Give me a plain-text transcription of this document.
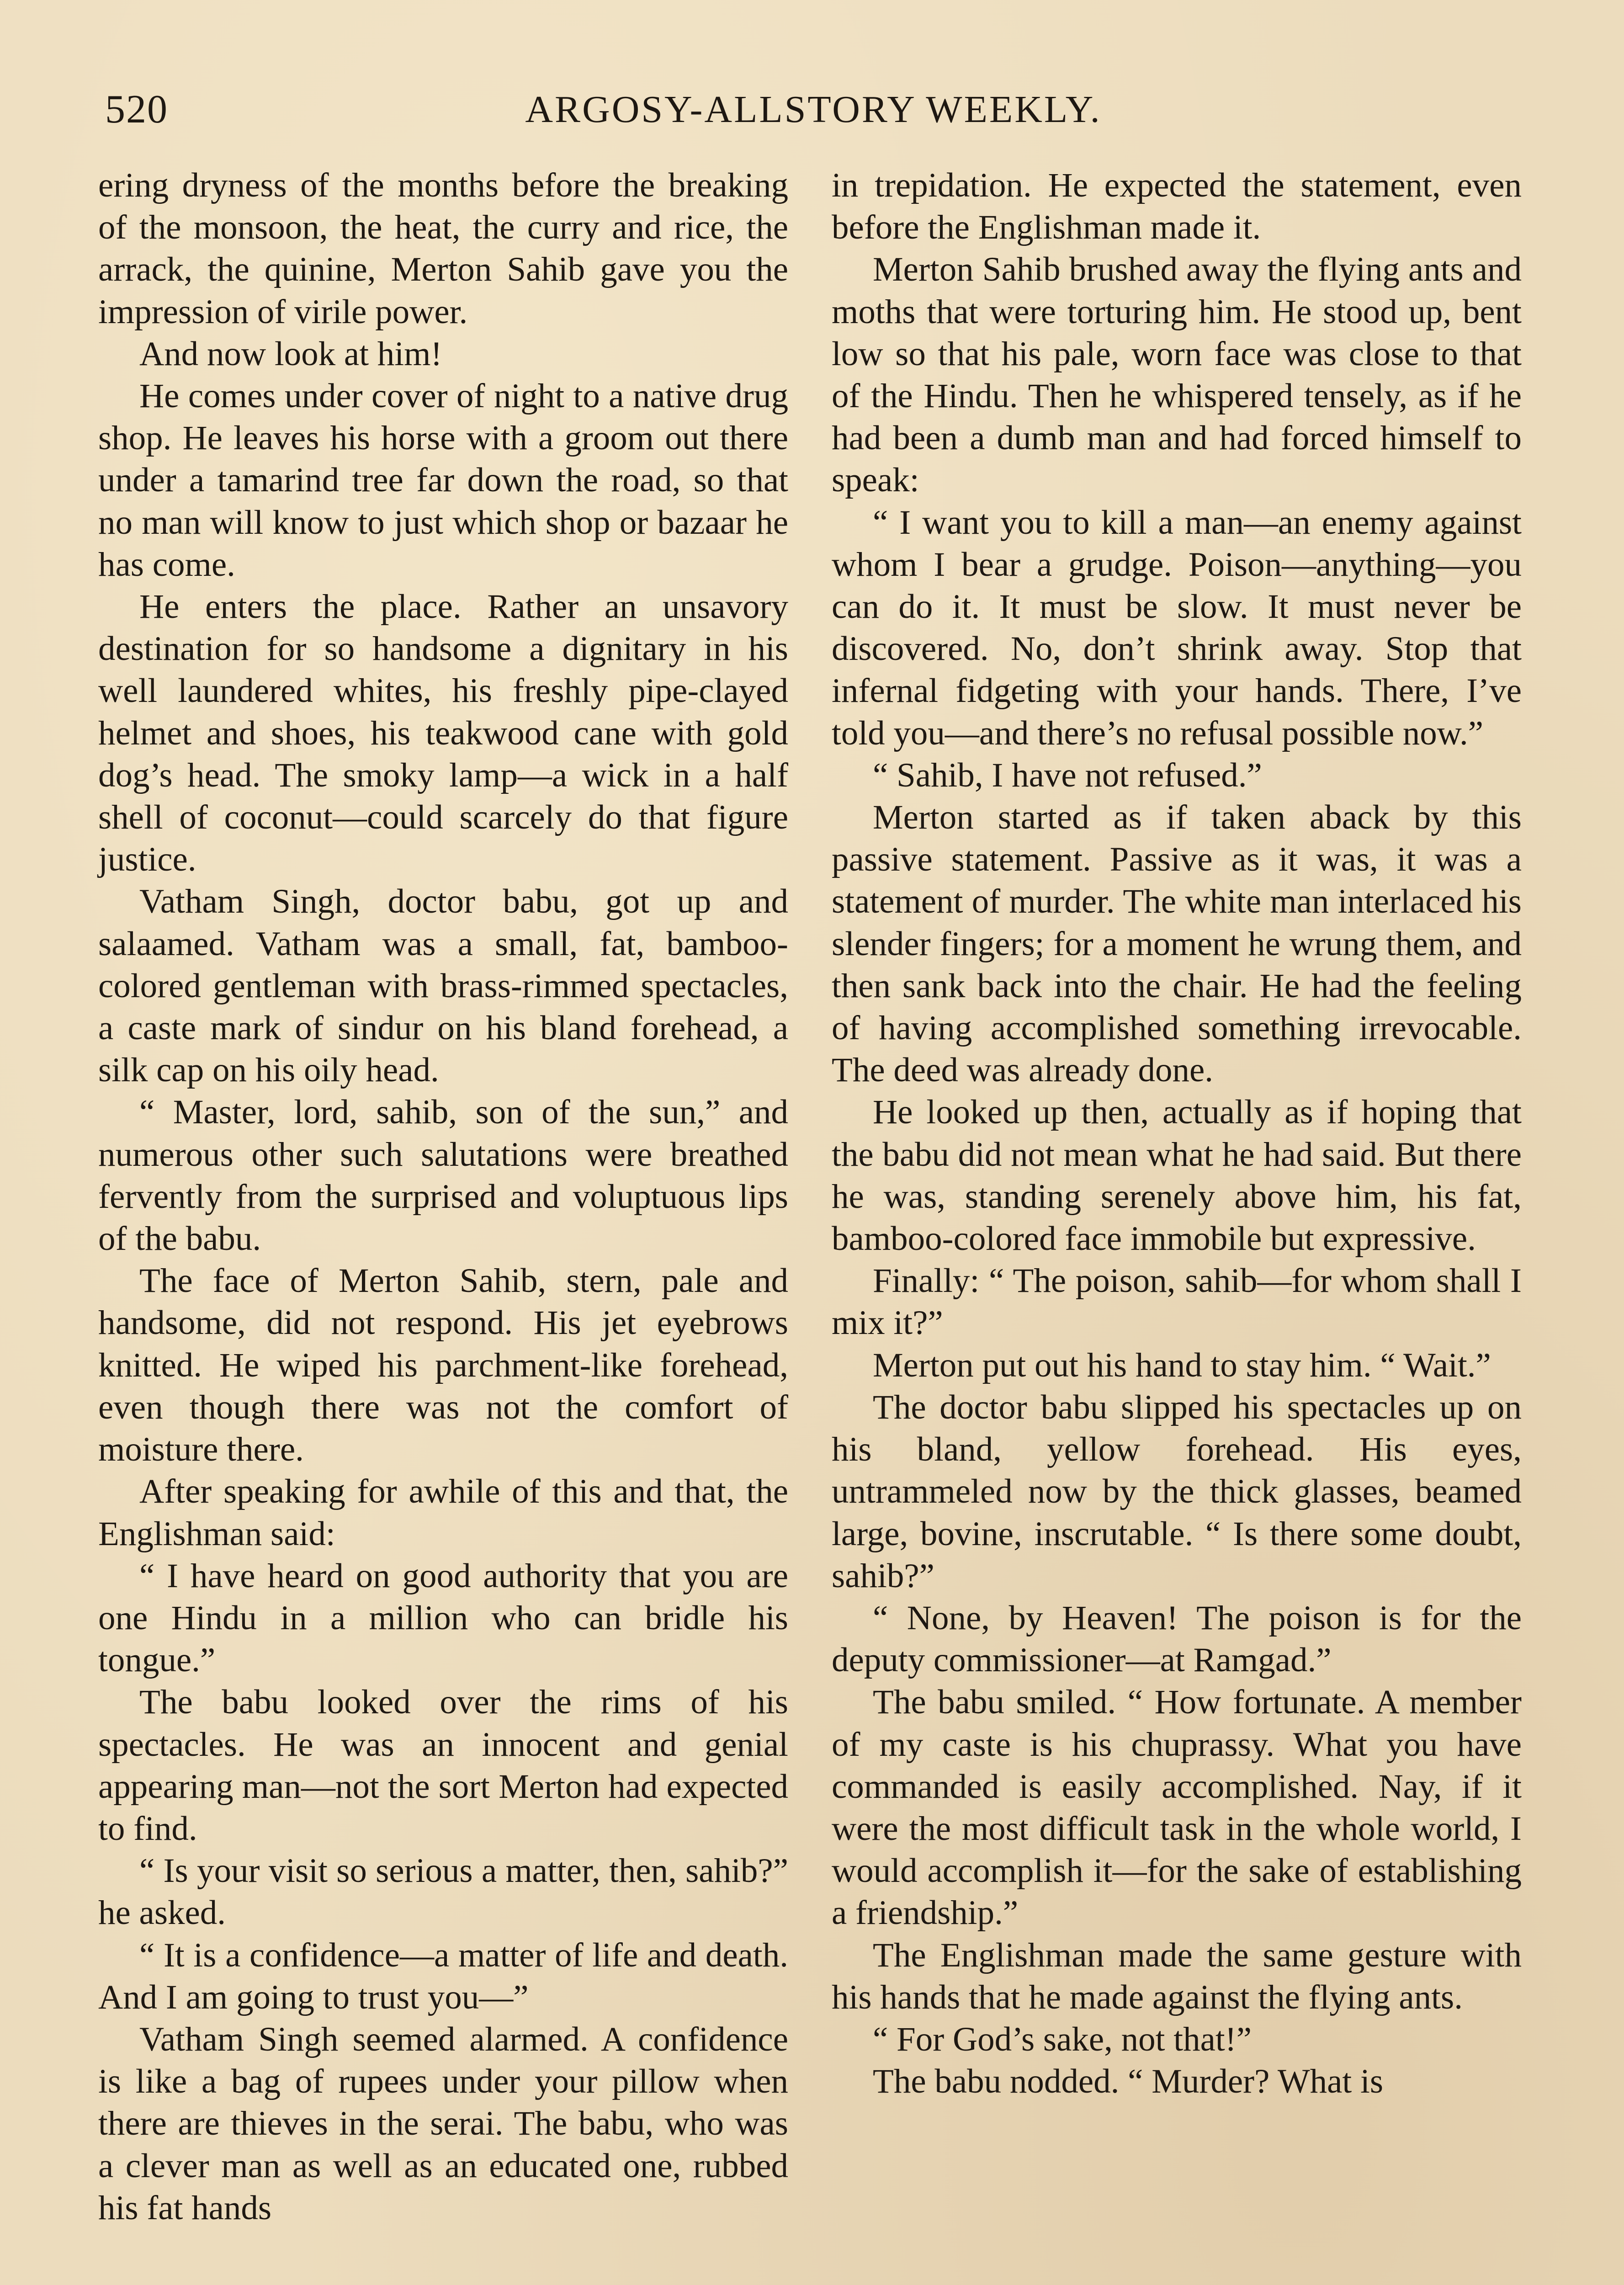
520	ARGOSY-ALLSTORY WEEKLY.

ering dryness of the months before the breaking of the monsoon, the heat, the curry and rice, the arrack, the quinine, Merton Sahib gave you the impression of virile power.

And now look at him!

He comes under cover of night to a native drug shop. He leaves his horse with a groom out there under a tamarind tree far down the road, so that no man will know to just which shop or bazaar he has come.

He enters the place. Rather an unsavory destination for so handsome a dignitary in his well laundered whites, his freshly pipe-clayed helmet and shoes, his teakwood cane with gold dog’s head. The smoky lamp—a wick in a half shell of coconut—could scarcely do that figure justice.

Vatham Singh, doctor babu, got up and salaamed. Vatham was a small, fat, bamboo-colored gentleman with brass-rimmed spectacles, a caste mark of sindur on his bland forehead, a silk cap on his oily head.

“ Master, lord, sahib, son of the sun,” and numerous other such salutations were breathed fervently from the surprised and voluptuous lips of the babu.

The face of Merton Sahib, stern, pale and handsome, did not respond. His jet eyebrows knitted. He wiped his parchment-like forehead, even though there was not the comfort of moisture there.

After speaking for awhile of this and that, the Englishman said:

“ I have heard on good authority that you are one Hindu in a million who can bridle his tongue.”

The babu looked over the rims of his spectacles. He was an innocent and genial appearing man—not the sort Merton had expected to find.

“ Is your visit so serious a matter, then, sahib?” he asked.

“ It is a confidence—a matter of life and death. And I am going to trust you—”

Vatham Singh seemed alarmed. A confidence is like a bag of rupees under your pillow when there are thieves in the serai. The babu, who was a clever man as well as an educated one, rubbed his fat hands

in trepidation. He expected the statement, even before the Englishman made it.

Merton Sahib brushed away the flying ants and moths that were torturing him. He stood up, bent low so that his pale, worn face was close to that of the Hindu. Then he whispered tensely, as if he had been a dumb man and had forced himself to speak:

“ I want you to kill a man—an enemy against whom I bear a grudge. Poison—anything—you can do it. It must be slow. It must never be discovered. No, don’t shrink away. Stop that infernal fidgeting with your hands. There, I’ve told you—and there’s no refusal possible now.”

“ Sahib, I have not refused.”

Merton started as if taken aback by this passive statement. Passive as it was, it was a statement of murder. The white man interlaced his slender fingers; for a moment he wrung them, and then sank back into the chair. He had the feeling of having accomplished something irrevocable. The deed was already done.

He looked up then, actually as if hoping that the babu did not mean what he had said. But there he was, standing serenely above him, his fat, bamboo-colored face immobile but expressive.

Finally: “ The poison, sahib—for whom shall I mix it?”

Merton put out his hand to stay him. “ Wait.”

The doctor babu slipped his spectacles up on his bland, yellow forehead. His eyes, untrammeled now by the thick glasses, beamed large, bovine, inscrutable. “ Is there some doubt, sahib?”

“ None, by Heaven! The poison is for the deputy commissioner—at Ramgad.”

The babu smiled. “ How fortunate. A member of my caste is his chuprassy. What you have commanded is easily accomplished. Nay, if it were the most difficult task in the whole world, I would accomplish it—for the sake of establishing a friendship.”

The Englishman made the same gesture with his hands that he made against the flying ants.

“ For God’s sake, not that!”

The babu nodded. “ Murder? What is
